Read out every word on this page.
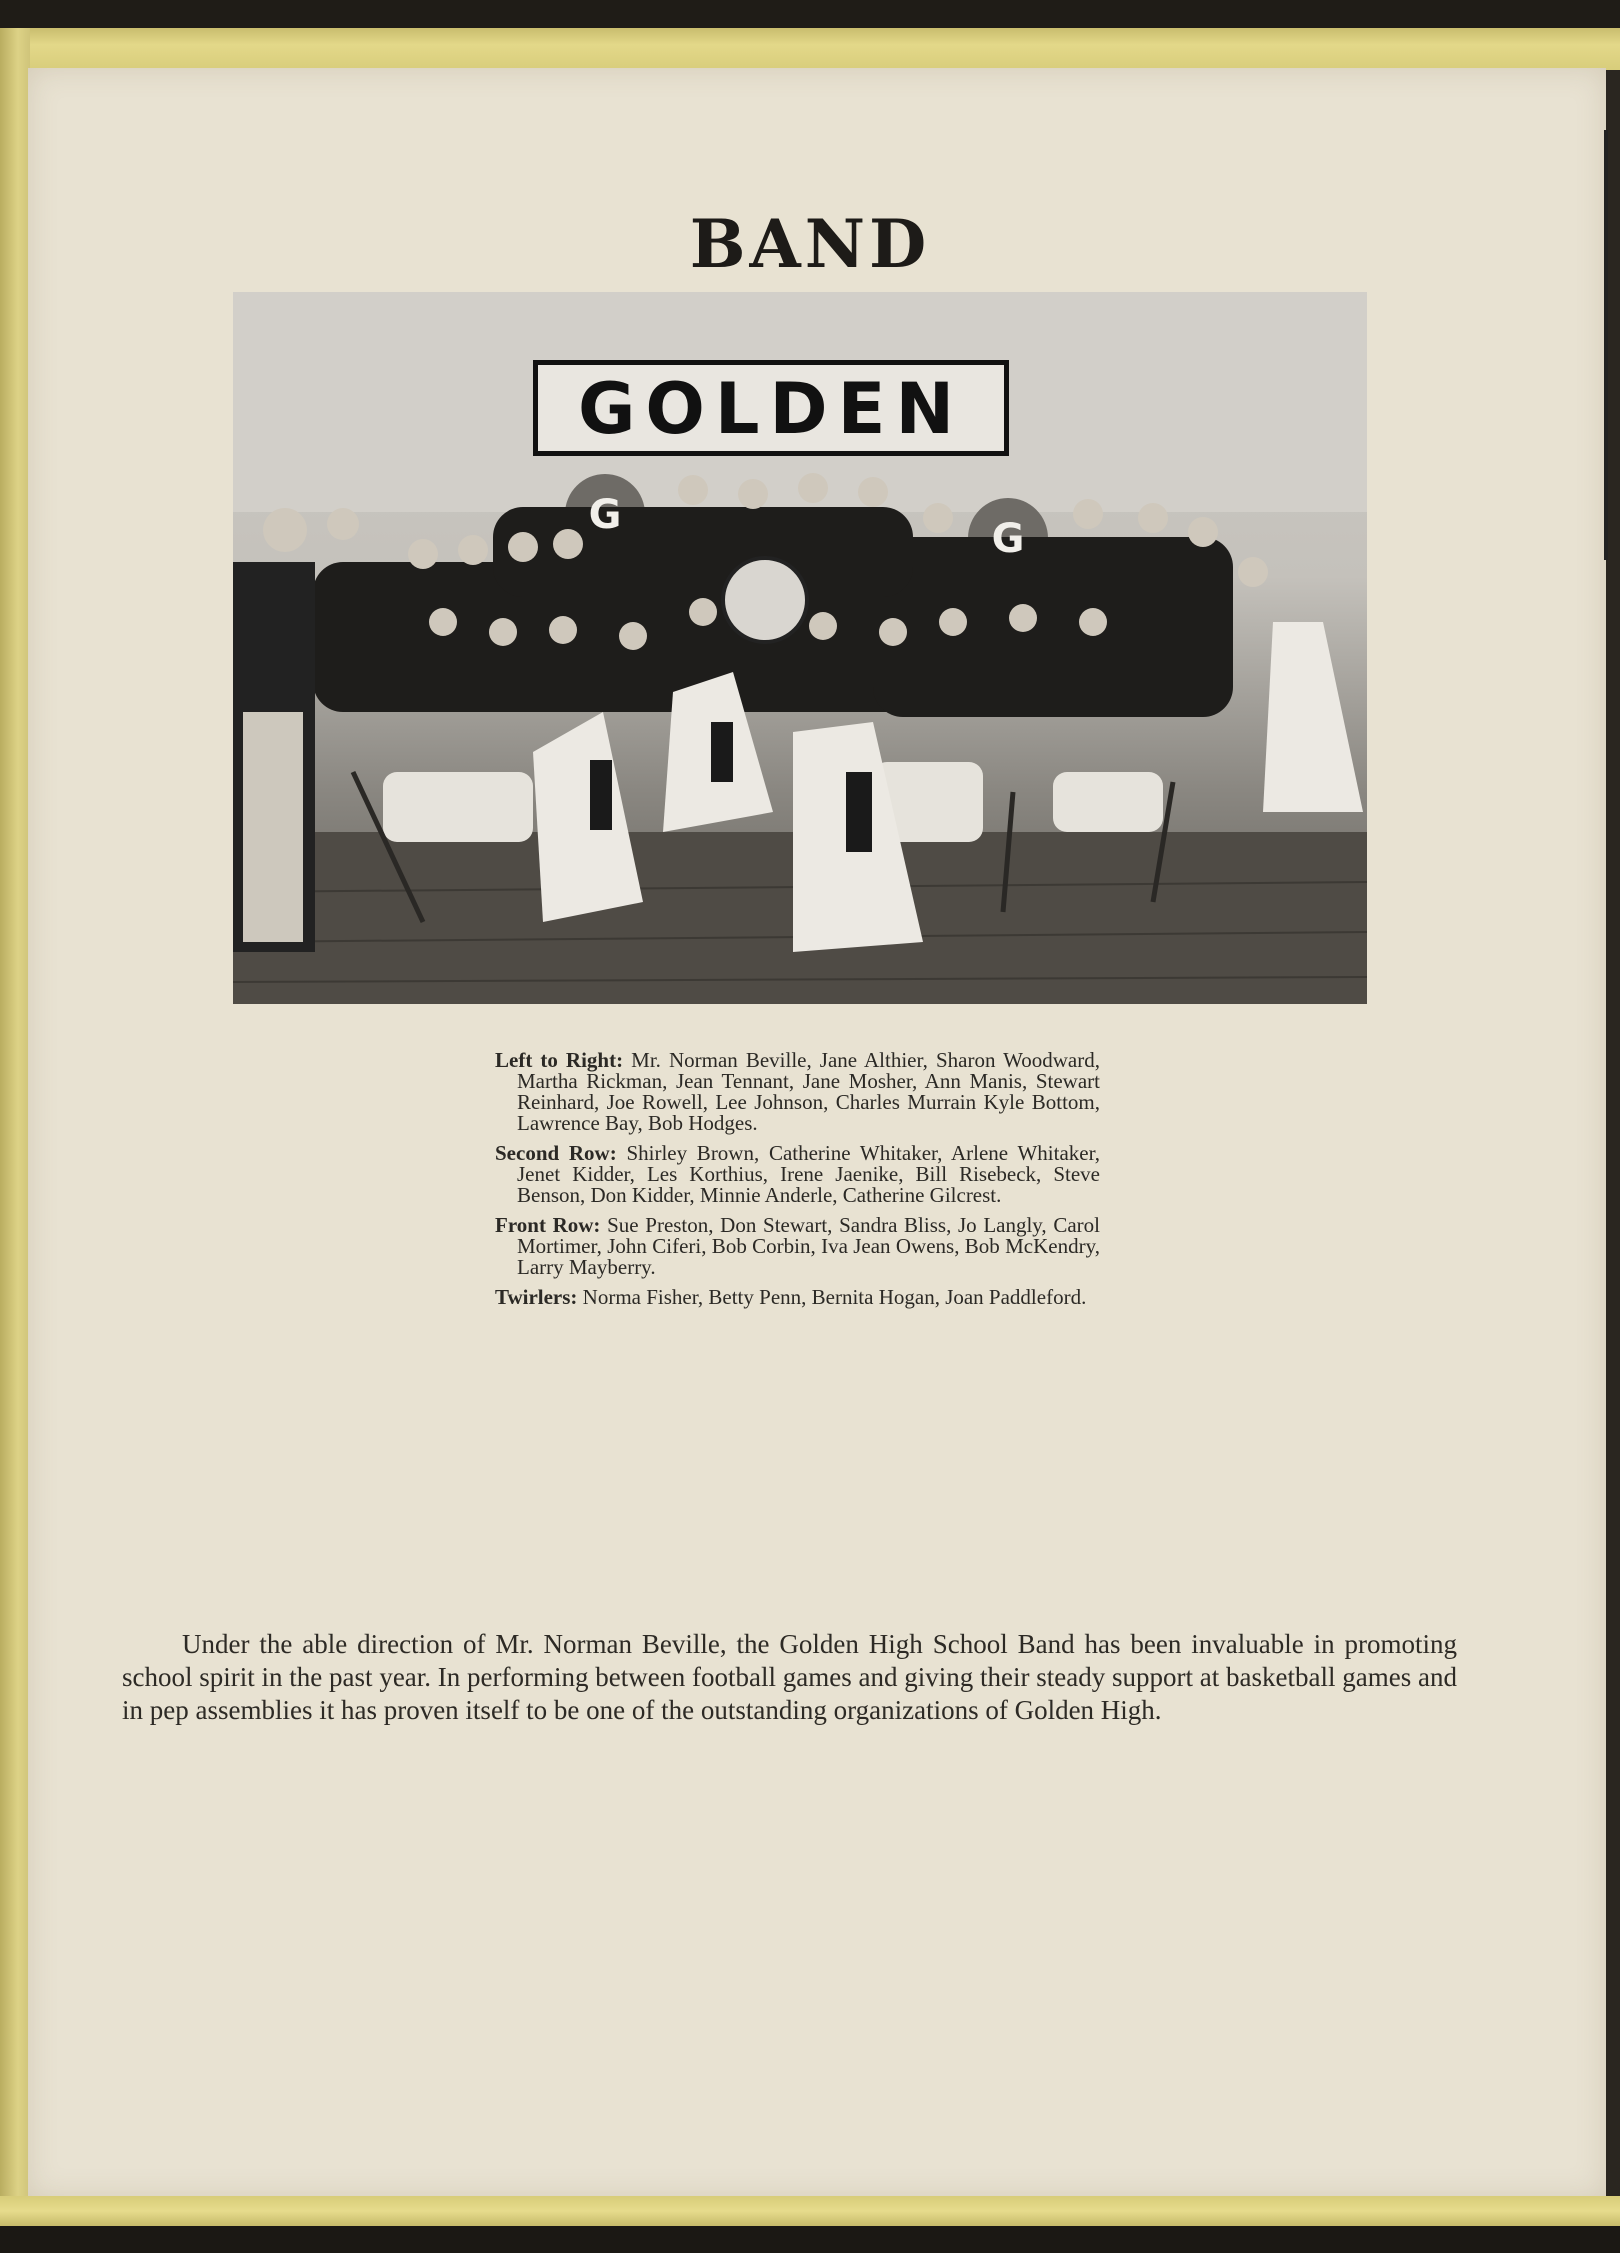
BAND
G
G
GOLDEN

Left to Right: Mr. Norman Beville, Jane Althier, Sharon Woodward, Martha Rickman, Jean Tennant, Jane Mosher, Ann Manis, Stewart Reinhard, Joe Rowell, Lee Johnson, Charles Murrain Kyle Bottom, Lawrence Bay, Bob Hodges.

Second Row: Shirley Brown, Catherine Whitaker, Arlene Whitaker, Jenet Kidder, Les Korthius, Irene Jaenike, Bill Risebeck, Steve Benson, Don Kidder, Minnie Anderle, Catherine Gilcrest.

Front Row: Sue Preston, Don Stewart, Sandra Bliss, Jo Langly, Carol Mortimer, John Ciferi, Bob Corbin, Iva Jean Owens, Bob McKendry, Larry Mayberry.

Twirlers: Norma Fisher, Betty Penn, Bernita Hogan, Joan Paddleford.

Under the able direction of Mr. Norman Beville, the Golden High School Band has been invaluable in promoting school spirit in the past year. In performing between football games and giving their steady support at basketball games and in pep assemblies it has proven itself to be one of the outstanding organizations of Golden High.
